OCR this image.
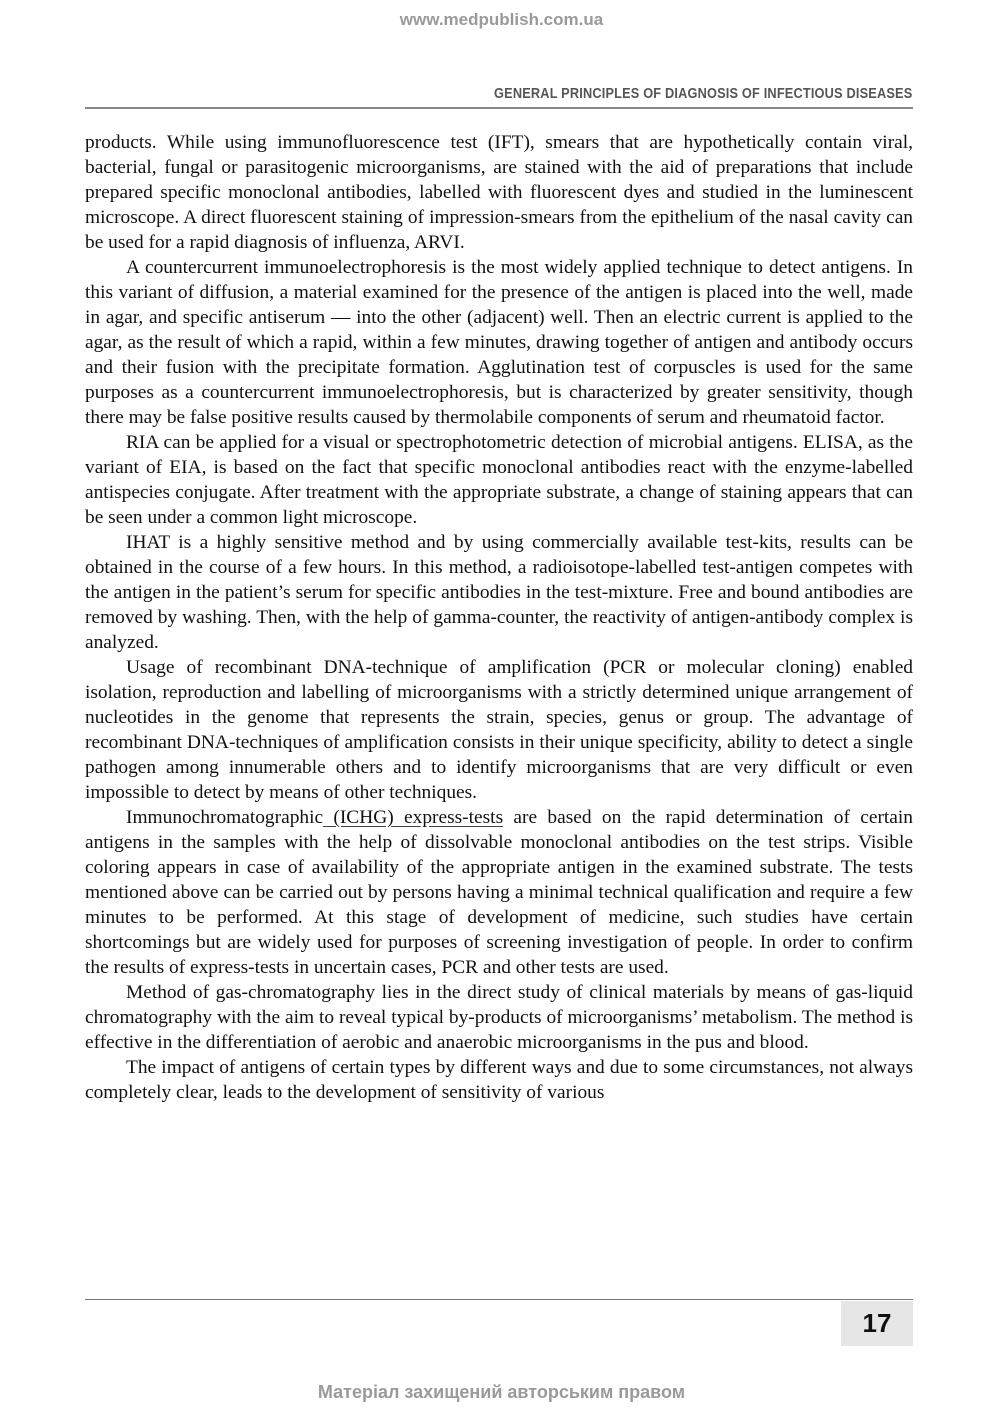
www.medpublish.com.ua
GENERAL PRINCIPLES OF DIAGNOSIS OF INFECTIOUS DISEASES

products. While using immunofluorescence test (IFT), smears that are hypothetically contain viral, bacterial, fungal or parasitogenic microorganisms, are stained with the aid of preparations that include prepared specific monoclonal antibodies, labelled with fluorescent dyes and studied in the luminescent microscope. A direct fluorescent staining of impression-smears from the epithelium of the nasal cavity can be used for a rapid diagnosis of influenza, ARVI.

A countercurrent immunoelectrophoresis is the most widely applied technique to detect antigens. In this variant of diffusion, a material examined for the presence of the antigen is placed into the well, made in agar, and specific antiserum — into the other (adjacent) well. Then an electric current is applied to the agar, as the result of which a rapid, within a few minutes, drawing together of antigen and antibody occurs and their fusion with the precipitate formation. Agglutination test of corpuscles is used for the same purposes as a countercurrent immunoelectrophoresis, but is characterized by greater sensitivity, though there may be false positive results caused by thermolabile components of serum and rheumatoid factor.

RIA can be applied for a visual or spectrophotometric detection of microbial antigens. ELISA, as the variant of EIA, is based on the fact that specific monoclonal antibodies react with the enzyme-labelled antispecies conjugate. After treatment with the appropriate substrate, a change of staining appears that can be seen under a common light microscope.

IHAT is a highly sensitive method and by using commercially available test-kits, results can be obtained in the course of a few hours. In this method, a radioisotope-labelled test-antigen competes with the antigen in the patient’s serum for specific antibodies in the test-mixture. Free and bound antibodies are removed by washing. Then, with the help of gamma-counter, the reactivity of antigen-antibody complex is analyzed.

Usage of recombinant DNA-technique of amplification (PCR or molecular cloning) enabled isolation, reproduction and labelling of microorganisms with a strictly determined unique arrangement of nucleotides in the genome that represents the strain, species, genus or group. The advantage of recombinant DNA-techniques of amplification consists in their unique specificity, ability to detect a single pathogen among innumerable others and to identify microorganisms that are very difficult or even impossible to detect by means of other techniques.

Immunochromatographic (ICHG) express-tests are based on the rapid determination of certain antigens in the samples with the help of dissolvable monoclonal antibodies on the test strips. Visible coloring appears in case of availability of the appropriate antigen in the examined substrate. The tests mentioned above can be carried out by persons having a minimal technical qualification and require a few minutes to be performed. At this stage of development of medicine, such studies have certain shortcomings but are widely used for purposes of screening investigation of people. In order to confirm the results of express-tests in uncertain cases, PCR and other tests are used.

Method of gas-chromatography lies in the direct study of clinical materials by means of gas-liquid chromatography with the aim to reveal typical by-products of microorganisms’ metabolism. The method is effective in the differentiation of aerobic and anaerobic microorganisms in the pus and blood.

The impact of antigens of certain types by different ways and due to some circumstances, not always completely clear, leads to the development of sensitivity of various

17
Матеріал захищений авторським правом
